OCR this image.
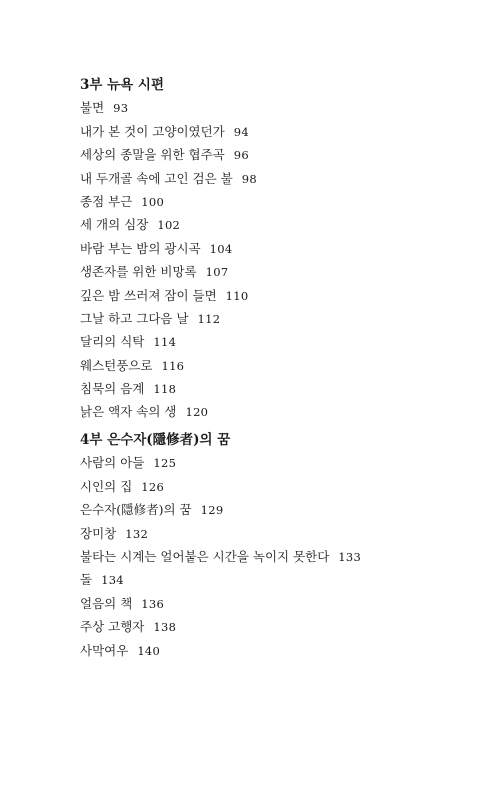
3부 뉴욕 시편
불면 93
내가 본 것이 고양이였던가 94
세상의 종말을 위한 협주곡 96
내 두개골 속에 고인 검은 불 98
종점 부근 100
세 개의 심장 102
바람 부는 밤의 광시곡 104
생존자를 위한 비망록 107
깊은 밤 쓰러져 잠이 들면 110
그날 하고 그다음 날 112
달리의 식탁 114
웨스턴풍으로 116
침묵의 음계 118
낡은 액자 속의 생 120
4부 은수자(隱修者)의 꿈
사람의 아들 125
시인의 집 126
은수자(隱修者)의 꿈 129
장미창 132
불타는 시계는 얼어붙은 시간을 녹이지 못한다 133
돌 134
얼음의 책 136
주상 고행자 138
사막여우 140
